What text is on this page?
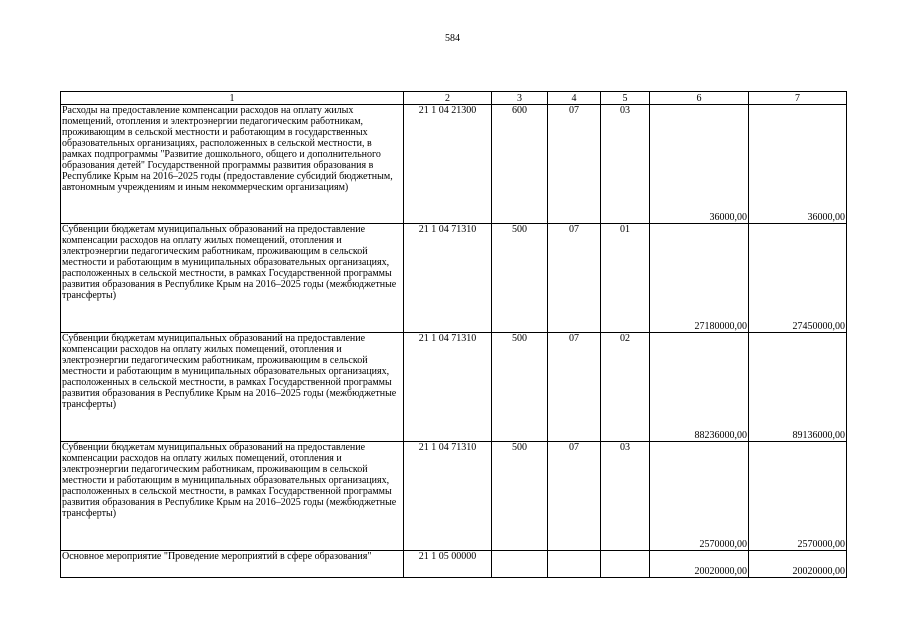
584
1	2	3	4	5	6	7
Расходы на предоставление компенсации расходов на оплату жилых помещений, отопления и электроэнергии педагогическим работникам, проживающим в сельской местности и работающим в государственных образовательных организациях, расположенных в сельской местности, в рамках подпрограммы "Развитие дошкольного, общего и дополнительного образования детей" Государственной программы развития образования в Республике Крым на 2016–2025 годы (предоставление субсидий бюджетным, автономным учреждениям и иным некоммерческим организациям)	21 1 04 21300	600	07	03	36000,00	36000,00
Субвенции бюджетам муниципальных образований на предоставление компенсации расходов на оплату жилых помещений, отопления и электроэнергии педагогическим работникам, проживающим в сельской местности и работающим в муниципальных образовательных организациях, расположенных в сельской местности, в рамках Государственной программы развития образования в Республике Крым на 2016–2025 годы (межбюджетные трансферты)	21 1 04 71310	500	07	01	27180000,00	27450000,00
Субвенции бюджетам муниципальных образований на предоставление компенсации расходов на оплату жилых помещений, отопления и электроэнергии педагогическим работникам, проживающим в сельской местности и работающим в муниципальных образовательных организациях, расположенных в сельской местности, в рамках Государственной программы развития образования в Республике Крым на 2016–2025 годы (межбюджетные трансферты)	21 1 04 71310	500	07	02	88236000,00	89136000,00
Субвенции бюджетам муниципальных образований на предоставление компенсации расходов на оплату жилых помещений, отопления и электроэнергии педагогическим работникам, проживающим в сельской местности и работающим в муниципальных образовательных организациях, расположенных в сельской местности, в рамках Государственной программы развития образования в Республике Крым на 2016–2025 годы (межбюджетные трансферты)	21 1 04 71310	500	07	03	2570000,00	2570000,00
Основное мероприятие "Проведение мероприятий в сфере образования"	21 1 05 00000				20020000,00	20020000,00
